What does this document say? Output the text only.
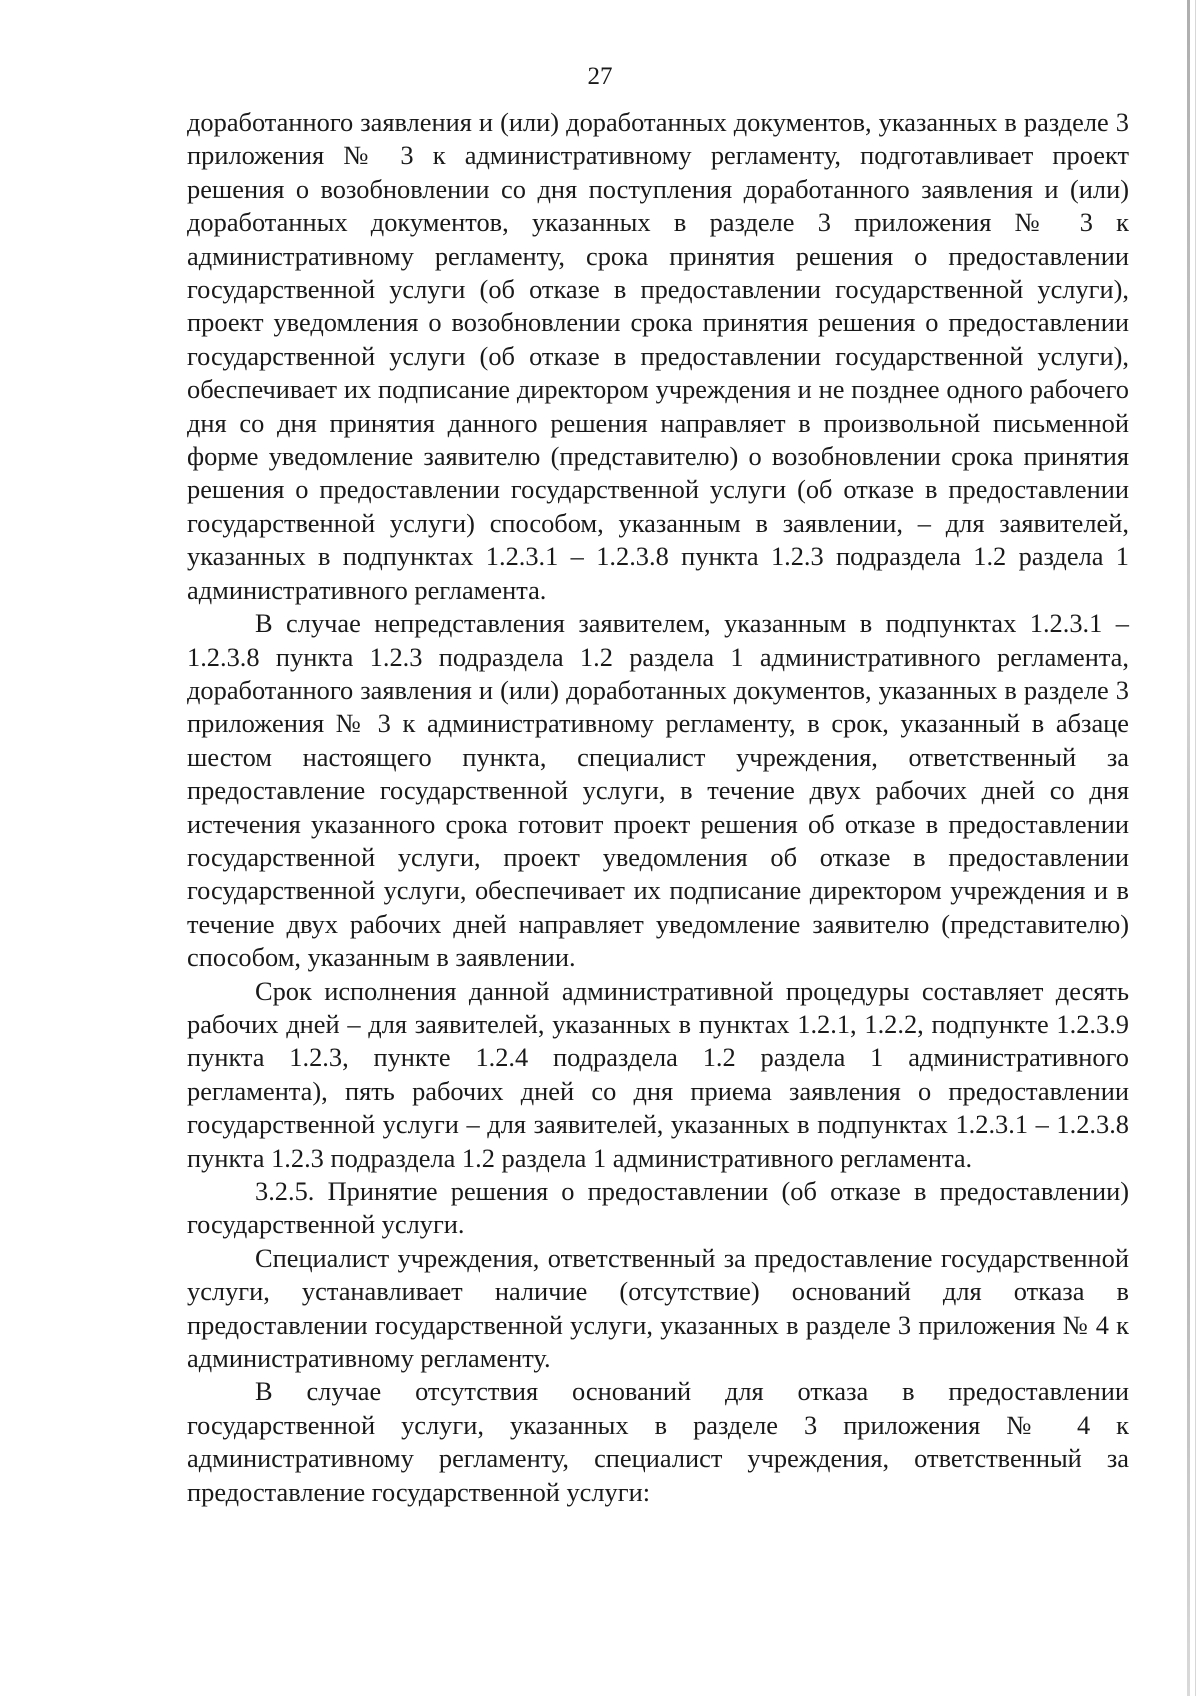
27

доработанного заявления и (или) доработанных документов, указанных в разделе 3 приложения № 3 к административному регламенту, подготавливает проект решения о возобновлении со дня поступления доработанного заявления и (или) доработанных документов, указанных в разделе 3 приложения № 3 к административному регламенту, срока принятия решения о предоставлении государственной услуги (об отказе в предоставлении государственной услуги), проект уведомления о возобновлении срока принятия решения о предоставлении государственной услуги (об отказе в предоставлении государственной услуги), обеспечивает их подписание директором учреждения и не позднее одного рабочего дня со дня принятия данного решения направляет в произвольной письменной форме уведомление заявителю (представителю) о возобновлении срока принятия решения о предоставлении государственной услуги (об отказе в предоставлении государственной услуги) способом, указанным в заявлении, – для заявителей, указанных в подпунктах 1.2.3.1 – 1.2.3.8 пункта 1.2.3 подраздела 1.2 раздела 1 административного регламента.

В случае непредставления заявителем, указанным в подпунктах 1.2.3.1 – 1.2.3.8 пункта 1.2.3 подраздела 1.2 раздела 1 административного регламента, доработанного заявления и (или) доработанных документов, указанных в разделе 3 приложения № 3 к административному регламенту, в срок, указанный в абзаце шестом настоящего пункта, специалист учреждения, ответственный за предоставление государственной услуги, в течение двух рабочих дней со дня истечения указанного срока готовит проект решения об отказе в предоставлении государственной услуги, проект уведомления об отказе в предоставлении государственной услуги, обеспечивает их подписание директором учреждения и в течение двух рабочих дней направляет уведомление заявителю (представителю) способом, указанным в заявлении.

Срок исполнения данной административной процедуры составляет десять рабочих дней – для заявителей, указанных в пунктах 1.2.1, 1.2.2, подпункте 1.2.3.9 пункта 1.2.3, пункте 1.2.4 подраздела 1.2 раздела 1 административного регламента), пять рабочих дней со дня приема заявления о предоставлении государственной услуги – для заявителей, указанных в подпунктах 1.2.3.1 – 1.2.3.8 пункта 1.2.3 подраздела 1.2 раздела 1 административного регламента.

3.2.5. Принятие решения о предоставлении (об отказе в предоставлении) государственной услуги.

Специалист учреждения, ответственный за предоставление государственной услуги, устанавливает наличие (отсутствие) оснований для отказа в предоставлении государственной услуги, указанных в разделе 3 приложения № 4 к административному регламенту.

В случае отсутствия оснований для отказа в предоставлении государственной услуги, указанных в разделе 3 приложения № 4 к административному регламенту, специалист учреждения, ответственный за предоставление государственной услуги:
